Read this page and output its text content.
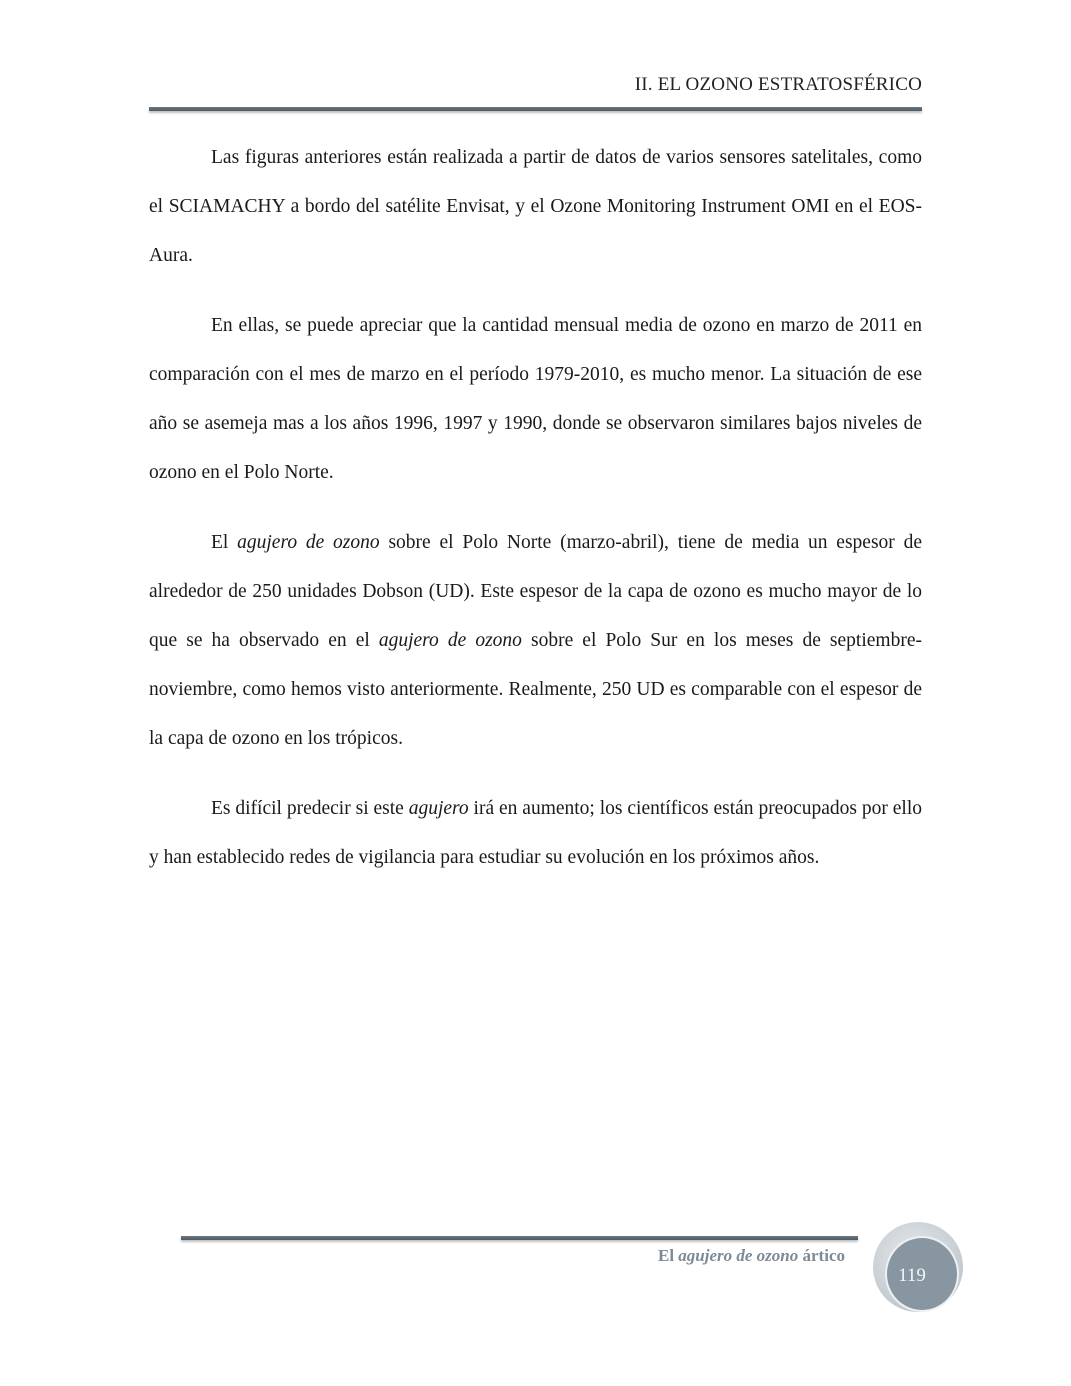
II. EL OZONO ESTRATOSFÉRICO

Las figuras anteriores están realizada a partir de datos de varios sensores satelitales, como el SCIAMACHY a bordo del satélite Envisat, y el Ozone Monitoring Instrument OMI en el EOS-Aura.

En ellas, se puede apreciar que la cantidad mensual media de ozono en marzo de 2011 en comparación con el mes de marzo en el período 1979-2010, es mucho menor. La situación de ese año se asemeja mas a los años 1996, 1997 y 1990, donde se observaron similares bajos niveles de ozono en el Polo Norte.

El agujero de ozono sobre el Polo Norte (marzo-abril), tiene de media un espesor de alrededor de 250 unidades Dobson (UD). Este espesor de la capa de ozono es mucho mayor de lo que se ha observado en el agujero de ozono sobre el Polo Sur en los meses de septiembre-noviembre, como hemos visto anteriormente. Realmente, 250 UD es comparable con el espesor de la capa de ozono en los trópicos.

Es difícil predecir si este agujero irá en aumento; los científicos están preocupados por ello y han establecido redes de vigilancia para estudiar su evolución en los próximos años.

El agujero de ozono ártico
119
